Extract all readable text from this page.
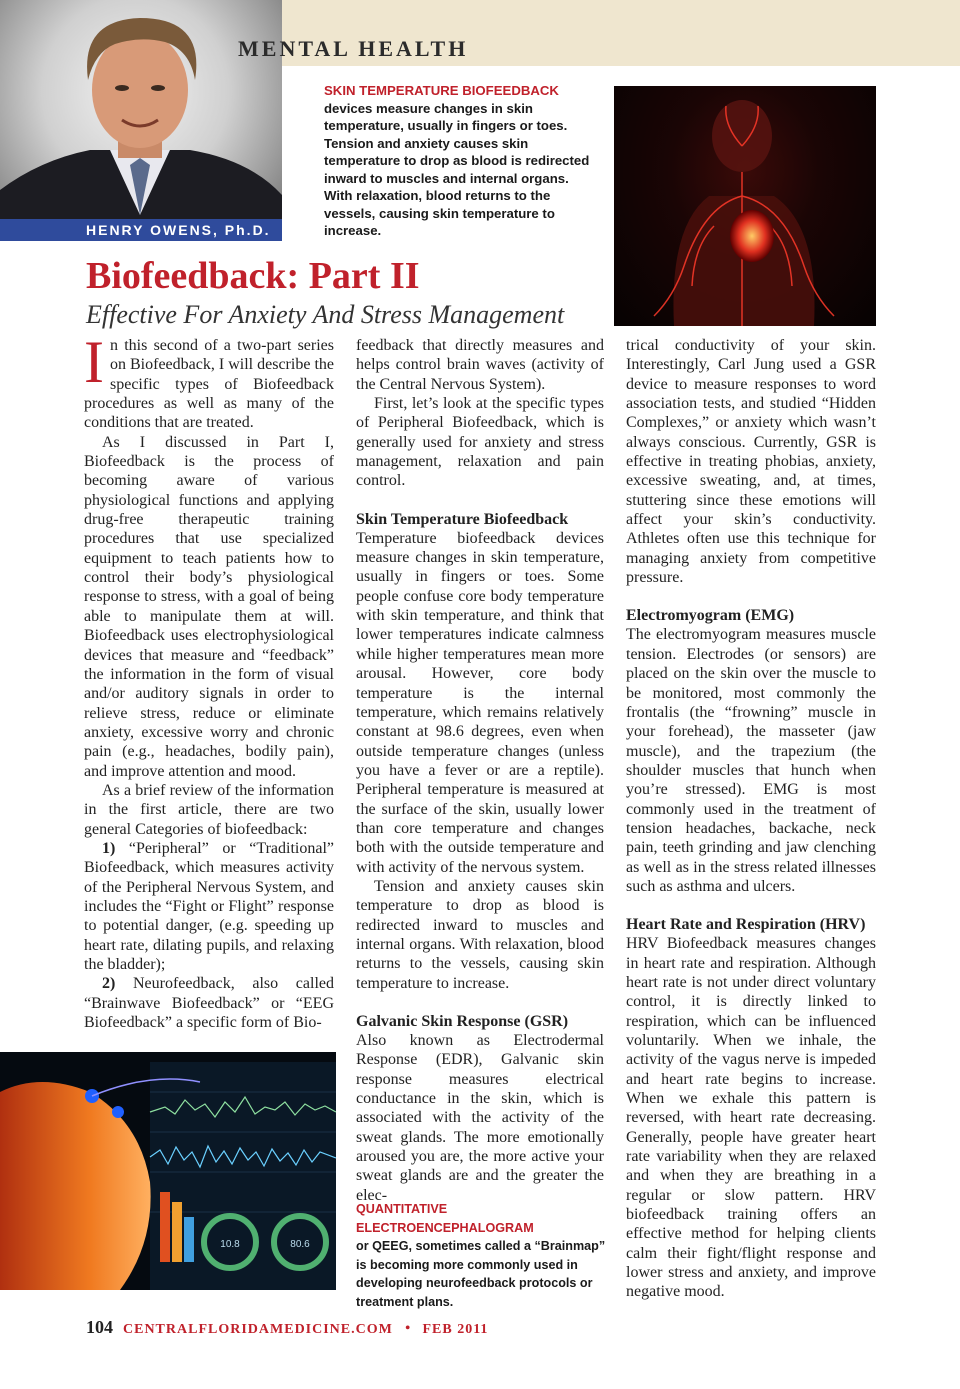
HENRY OWENS, Ph.D.
MENTAL HEALTH
SKIN TEMPERATURE BIOFEEDBACK
devices measure changes in skin temperature, usually in fingers or toes. Tension and anxiety causes skin temperature to drop as blood is redirected inward to muscles and internal organs. With relaxation, blood returns to the vessels, causing skin temperature to increase.
Biofeedback: Part II
Effective For Anxiety And Stress Management

In this second of a two-part series on Biofeedback, I will describe the specific types of Biofeedback procedures as well as many of the conditions that are treated.

As I discussed in Part I, Biofeedback is the process of becoming aware of various physiological functions and applying drug-free therapeutic training procedures that use specialized equipment to teach patients how to control their body’s physiological response to stress, with a goal of being able to manipulate them at will. Biofeedback uses electrophysiological devices that measure and “feedback” the information in the form of visual and/or auditory signals in order to relieve stress, reduce or eliminate anxiety, excessive worry and chronic pain (e.g., headaches, bodily pain), and improve attention and mood.

As a brief review of the information in the first article, there are two general Categories of biofeedback:

1) “Peripheral” or “Traditional” Biofeedback, which measures activity of the Peripheral Nervous System, and includes the “Fight or Flight” response to potential danger, (e.g. speeding up heart rate, dilating pupils, and relaxing the bladder);

2) Neurofeedback, also called “Brainwave Biofeedback” or “EEG Biofeedback” a specific form of Bio-

feedback that directly measures and helps control brain waves (activity of the Central Nervous System).

First, let’s look at the specific types of Peripheral Biofeedback, which is generally used for anxiety and stress management, relaxation and pain control.

Skin Temperature Biofeedback

Temperature biofeedback devices measure changes in skin temperature, usually in fingers or toes. Some people confuse core body temperature with skin temperature, and think that lower temperatures indicate calmness while higher temperatures mean more arousal. However, core body temperature is the internal temperature, which remains relatively constant at 98.6 degrees, even when outside temperature changes (unless you have a fever or are a reptile). Peripheral temperature is measured at the surface of the skin, usually lower than core temperature and changes both with the outside temperature and with activity of the nervous system.

Tension and anxiety causes skin temperature to drop as blood is redirected inward to muscles and internal organs. With relaxation, blood returns to the vessels, causing skin temperature to increase.

Galvanic Skin Response (GSR)

Also known as Electrodermal Response (EDR), Galvanic skin response measures electrical conductance in the skin, which is associated with the activity of the sweat glands. The more emotionally aroused you are, the more active your sweat glands are and the greater the elec-

QUANTITATIVE ELECTROENCEPHALOGRAM
or QEEG, sometimes called a “Brainmap” is becoming more commonly used in developing neurofeedback protocols or treatment plans.

trical conductivity of your skin. Interestingly, Carl Jung used a GSR device to measure responses to word association tests, and studied “Hidden Complexes,” or anxiety which wasn’t always conscious. Currently, GSR is effective in treating phobias, anxiety, excessive sweating, and, at times, stuttering since these emotions will affect your skin’s conductivity. Athletes often use this technique for managing anxiety from competitive pressure.

Electromyogram (EMG)

The electromyogram measures muscle tension. Electrodes (or sensors) are placed on the skin over the muscle to be monitored, most commonly the frontalis (the “frowning” muscle in your forehead), the masseter (jaw muscle), and the trapezium (the shoulder muscles that hunch when you’re stressed). EMG is most commonly used in the treatment of tension headaches, backache, neck pain, teeth grinding and jaw clenching as well as in the stress related illnesses such as asthma and ulcers.

Heart Rate and Respiration (HRV)

HRV Biofeedback measures changes in heart rate and respiration. Although heart rate is not under direct voluntary control, it is directly linked to respiration, which can be influenced voluntarily. When we inhale, the activity of the vagus nerve is impeded and heart rate begins to increase. When we exhale this pattern is reversed, with heart rate decreasing. Generally, people have greater heart rate variability when they are relaxed and when they are breathing in a regular or slow pattern. HRV biofeedback training offers an effective method for helping clients calm their fight/flight response and lower stress and anxiety, and improve negative mood.

10.8	80.6
104 CENTRALFLORIDAMEDICINE.COM • FEB 2011
